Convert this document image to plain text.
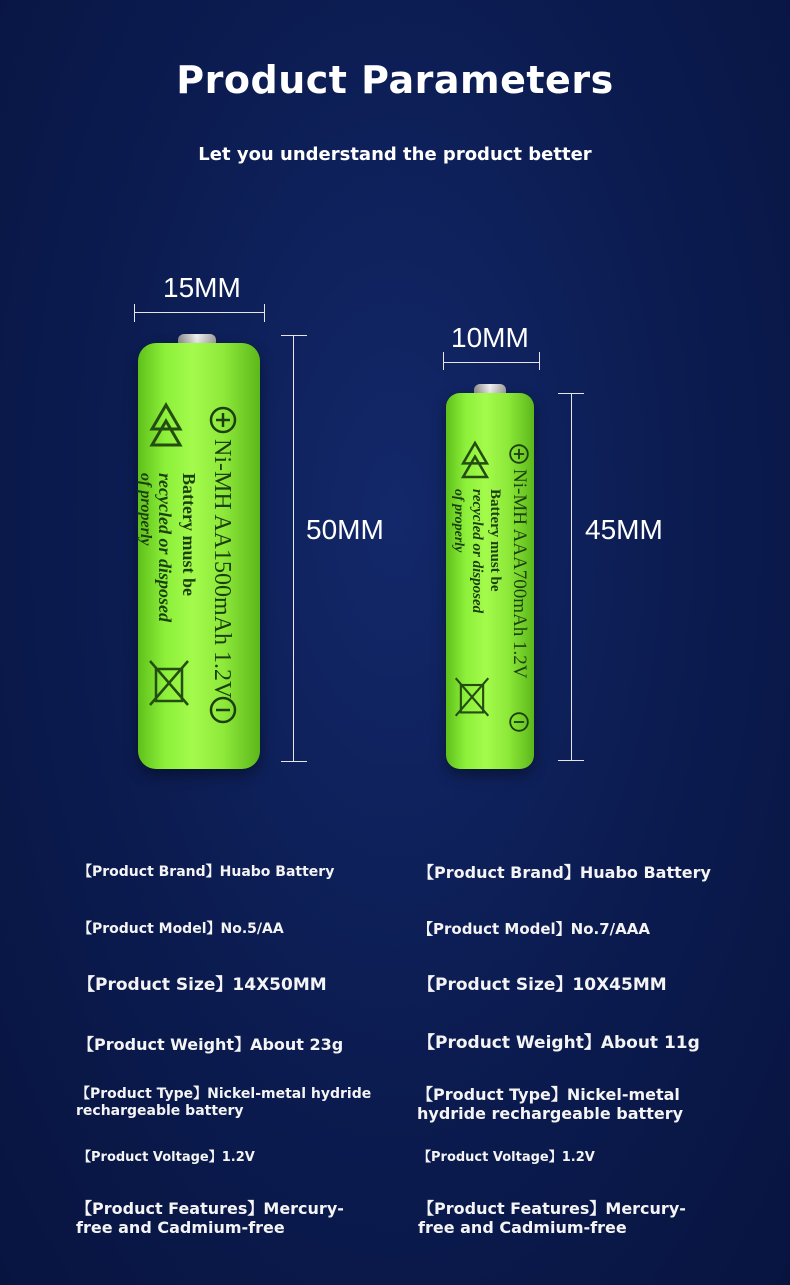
Product Parameters
Let you understand the product better
15MM
50MM
Ni-MH AA1500mAh 1.2V
Battery must be
recycled or disposed
of properly
10MM
45MM
Ni-MH AAA700mAh 1.2V
Battery must be
recycled or disposed
of properly
【Product Brand】Huabo Battery
【Product Model】No.5/AA
【Product Size】14X50MM
【Product Weight】About 23g
【Product Type】Nickel-metal hydride rechargeable battery
【Product Voltage】1.2V
【Product Features】Mercury-free and Cadmium-free
【Product Brand】Huabo Battery
【Product Model】No.7/AAA
【Product Size】10X45MM
【Product Weight】About 11g
【Product Type】Nickel-metal hydride rechargeable battery
【Product Voltage】1.2V
【Product Features】Mercury-free and Cadmium-free
